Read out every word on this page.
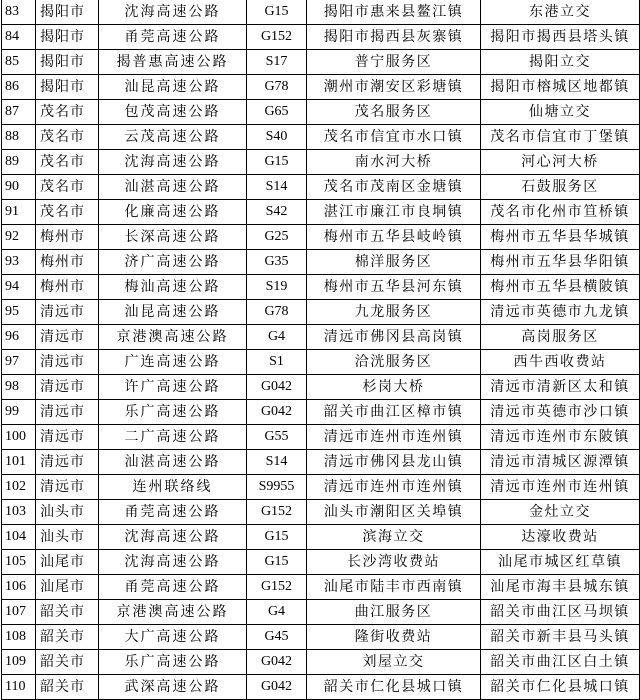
83	揭阳市	沈海高速公路	G15	揭阳市惠来县鳌江镇	东港立交
84	揭阳市	甬莞高速公路	G152	揭阳市揭西县灰寨镇	揭阳市揭西县塔头镇
85	揭阳市	揭普惠高速公路	S17	普宁服务区	揭阳立交
86	揭阳市	汕昆高速公路	G78	潮州市潮安区彩塘镇	揭阳市榕城区地都镇
87	茂名市	包茂高速公路	G65	茂名服务区	仙塘立交
88	茂名市	云茂高速公路	S40	茂名市信宜市水口镇	茂名市信宜市丁堡镇
89	茂名市	沈海高速公路	G15	南水河大桥	河心河大桥
90	茂名市	汕湛高速公路	S14	茂名市茂南区金塘镇	石鼓服务区
91	茂名市	化廉高速公路	S42	湛江市廉江市良垌镇	茂名市化州市笪桥镇
92	梅州市	长深高速公路	G25	梅州市五华县岐岭镇	梅州市五华县华城镇
93	梅州市	济广高速公路	G35	棉洋服务区	梅州市五华县华阳镇
94	梅州市	梅汕高速公路	S19	梅州市五华县河东镇	梅州市五华县横陂镇
95	清远市	汕昆高速公路	G78	九龙服务区	清远市英德市九龙镇
96	清远市	京港澳高速公路	G4	清远市佛冈县高岗镇	高岗服务区
97	清远市	广连高速公路	S1	洽洸服务区	西牛西收费站
98	清远市	许广高速公路	G042	杉岗大桥	清远市清新区太和镇
99	清远市	乐广高速公路	G042	韶关市曲江区樟市镇	清远市英德市沙口镇
100	清远市	二广高速公路	G55	清远市连州市连州镇	清远市连州市东陂镇
101	清远市	汕湛高速公路	S14	清远市佛冈县龙山镇	清远市清城区源潭镇
102	清远市	连州联络线	S9955	清远市连州市连州镇	清远市连州市连州镇
103	汕头市	甬莞高速公路	G152	汕头市潮阳区关埠镇	金灶立交
104	汕头市	沈海高速公路	G15	滨海立交	达濠收费站
105	汕尾市	沈海高速公路	G15	长沙湾收费站	汕尾市城区红草镇
106	汕尾市	甬莞高速公路	G152	汕尾市陆丰市西南镇	汕尾市海丰县城东镇
107	韶关市	京港澳高速公路	G4	曲江服务区	韶关市曲江区马坝镇
108	韶关市	大广高速公路	G45	隆街收费站	韶关市新丰县马头镇
109	韶关市	乐广高速公路	G042	刘屋立交	韶关市曲江区白土镇
110	韶关市	武深高速公路	G042	韶关市仁化县城口镇	韶关市仁化县城口镇
